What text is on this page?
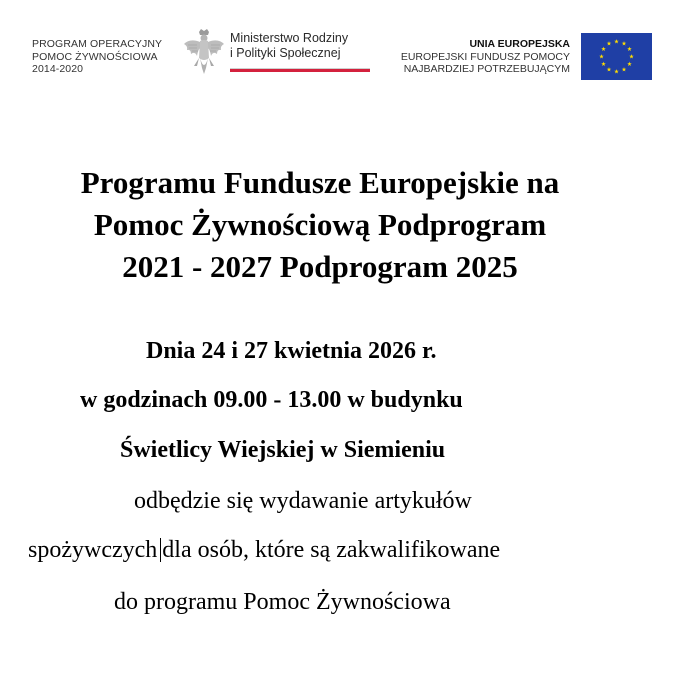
PROGRAM OPERACYJNY
POMOC ŻYWNOŚCIOWA
2014-2020
Ministerstwo Rodziny
i Polityki Społecznej
UNIA EUROPEJSKA
EUROPEJSKI FUNDUSZ POMOCY
NAJBARDZIEJ POTRZEBUJĄCYM
Programu Fundusze Europejskie na
Pomoc Żywnościową Podprogram
2021 - 2027 Podprogram 2025
Dnia 24 i 27 kwietnia 2026 r.
w godzinach 09.00 - 13.00 w budynku
Świetlicy Wiejskiej w Siemieniu
odbędzie się wydawanie artykułów
spożywczych dla osób, które są zakwalifikowane
do programu Pomoc Żywnościowa
